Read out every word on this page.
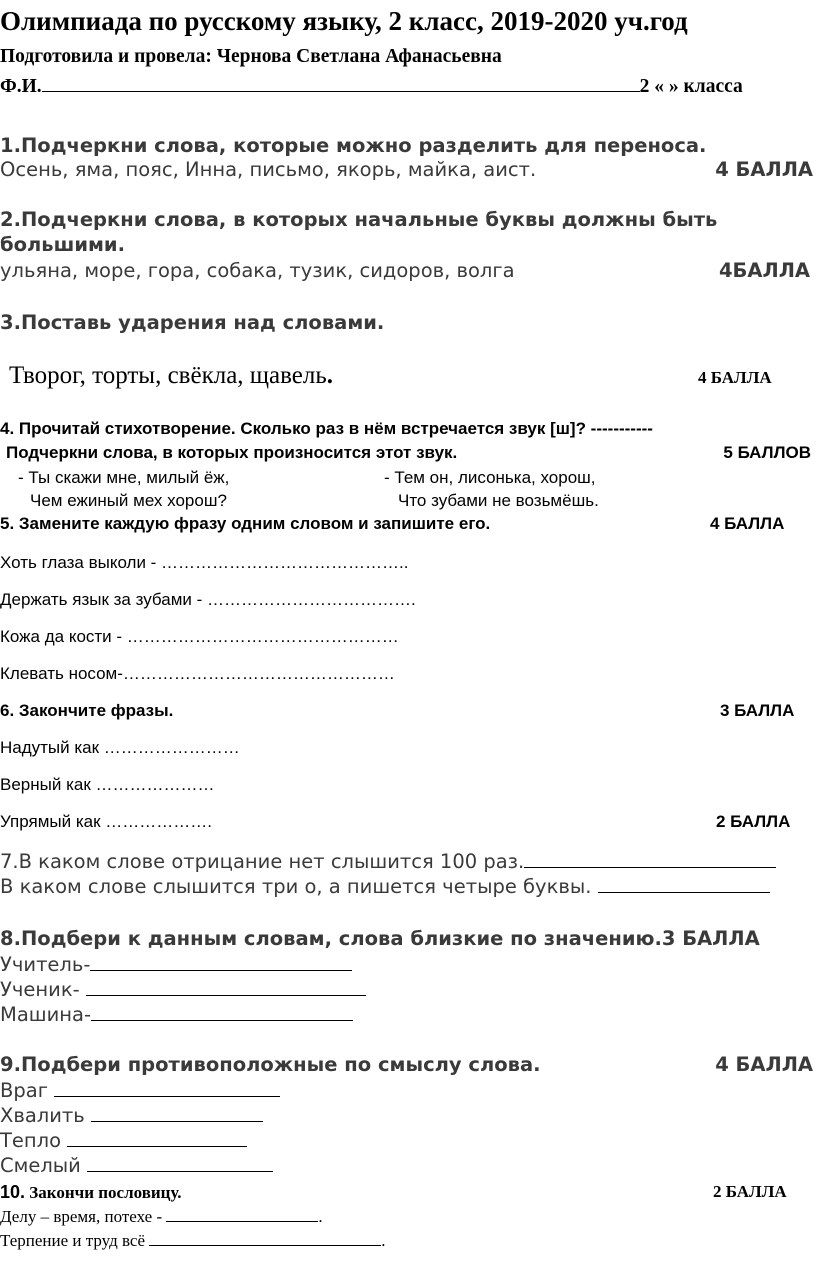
Олимпиада по русскому языку, 2 класс, 2019-2020 уч.год
Подготовила и провела: Чернова Светлана Афанасьевна
Ф.И.	2 « » класса
1.Подчеркни слова, которые можно разделить для переноса.
Осень, яма, пояс, Инна, письмо, якорь, майка, аист.	4 БАЛЛА
2.Подчеркни слова, в которых начальные буквы должны быть
большими.
ульяна, море, гора, собака, тузик, сидоров, волга	4БАЛЛА
3.Поставь ударения над словами.
Творог, торты, свёкла, щавель.	4 БАЛЛА
4. Прочитай стихотворение. Сколько раз в нём встречается звук [ш]? -----------
Подчеркни слова, в которых произносится этот звук.	5 БАЛЛОВ
- Ты скажи мне, милый ёж,
Чем ежиный мех хорош?
- Тем он, лисонька, хорош,
Что зубами не возьмёшь.
5. Замените каждую фразу одним словом и запишите его.	4 БАЛЛА
Хоть глаза выколи - ……………………………………..
Держать язык за зубами - ……………………………….
Кожа да кости - …………………………………………
Клевать носом-…………………………………………
6. Закончите фразы.	3 БАЛЛА
Надутый как ……………………
Верный как …………………
Упрямый как ……………….	2 БАЛЛА
7.В каком слове отрицание нет слышится 100 раз.
В каком слове слышится три о, а пишется четыре буквы.
8.Подбери к данным словам, слова близкие по значению.3 БАЛЛА
Учитель-
Ученик-
Машина-
9.Подбери противоположные по смыслу слова.	4 БАЛЛА
Враг
Хвалить
Тепло
Смелый
10. Закончи пословицу.	2 БАЛЛА
Делу – время, потехе -	.
Терпение и труд всё	.
